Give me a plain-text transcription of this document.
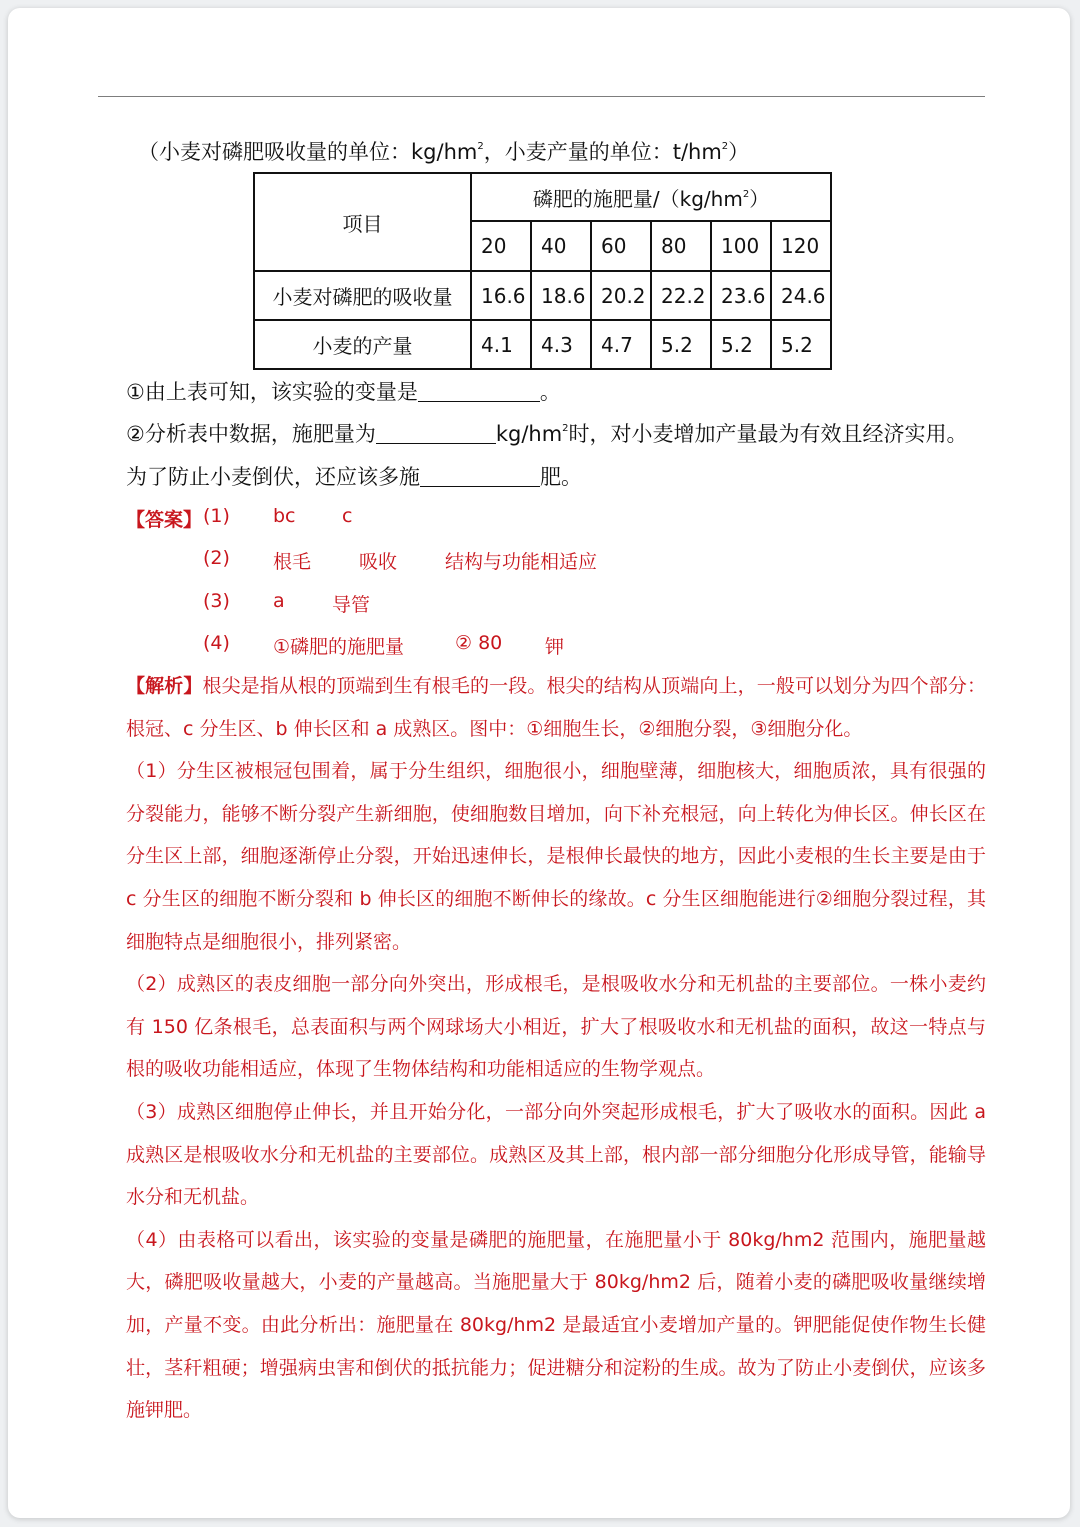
（小麦对磷肥吸收量的单位：$kg/hm^2$，小麦产量的单位：$t/hm^2$）
项目	磷肥的施肥量$/(kg/hm^2)$					
	20	40	60	80	100	120
小麦对磷肥的吸收量	16.6	18.6	20.2	22.2	23.6	24.6
小麦的产量	4.1	4.3	4.7	5.2	5.2	5.2
①由上表可知，该实验的变量是	。
②分析表中数据，施肥量为	$kg/hm^2$时，对小麦增加产量最为有效且经济实用。
为了防止小麦倒伏，还应该多施	肥。
【答案】 (1) bc c
(2) 根毛	吸收	结构与功能相适应
(3) a 导管
(4) ①磷肥的施肥量	② 80 钾

【解析】根尖是指从根的顶端到生有根毛的一段。根尖的结构从顶端向上，一般可以划分为四个部分：根冠、c 分生区、b 伸长区和 a 成熟区。图中：①细胞生长，②细胞分裂，③细胞分化。

（1）分生区被根冠包围着，属于分生组织，细胞很小，细胞壁薄，细胞核大，细胞质浓，具有很强的分裂能力，能够不断分裂产生新细胞，使细胞数目增加，向下补充根冠，向上转化为伸长区。伸长区在分生区上部，细胞逐渐停止分裂，开始迅速伸长，是根伸长最快的地方，因此小麦根的生长主要是由于 c 分生区的细胞不断分裂和 b 伸长区的细胞不断伸长的缘故。c 分生区细胞能进行②细胞分裂过程，其细胞特点是细胞很小，排列紧密。

（2）成熟区的表皮细胞一部分向外突出，形成根毛，是根吸收水分和无机盐的主要部位。一株小麦约有 150 亿条根毛，总表面积与两个网球场大小相近，扩大了根吸收水和无机盐的面积，故这一特点与根的吸收功能相适应，体现了生物体结构和功能相适应的生物学观点。

（3）成熟区细胞停止伸长，并且开始分化，一部分向外突起形成根毛，扩大了吸收水的面积。因此 a 成熟区是根吸收水分和无机盐的主要部位。成熟区及其上部，根内部一部分细胞分化形成导管，能输导水分和无机盐。

（4）由表格可以看出，该实验的变量是磷肥的施肥量，在施肥量小于 80kg/hm2 范围内，施肥量越大，磷肥吸收量越大，小麦的产量越高。当施肥量大于 80kg/hm2 后，随着小麦的磷肥吸收量继续增加，产量不变。由此分析出：施肥量在 80kg/hm2 是最适宜小麦增加产量的。钾肥能促使作物生长健壮，茎秆粗硬；增强病虫害和倒伏的抵抗能力；促进糖分和淀粉的生成。故为了防止小麦倒伏，应该多施钾肥。
